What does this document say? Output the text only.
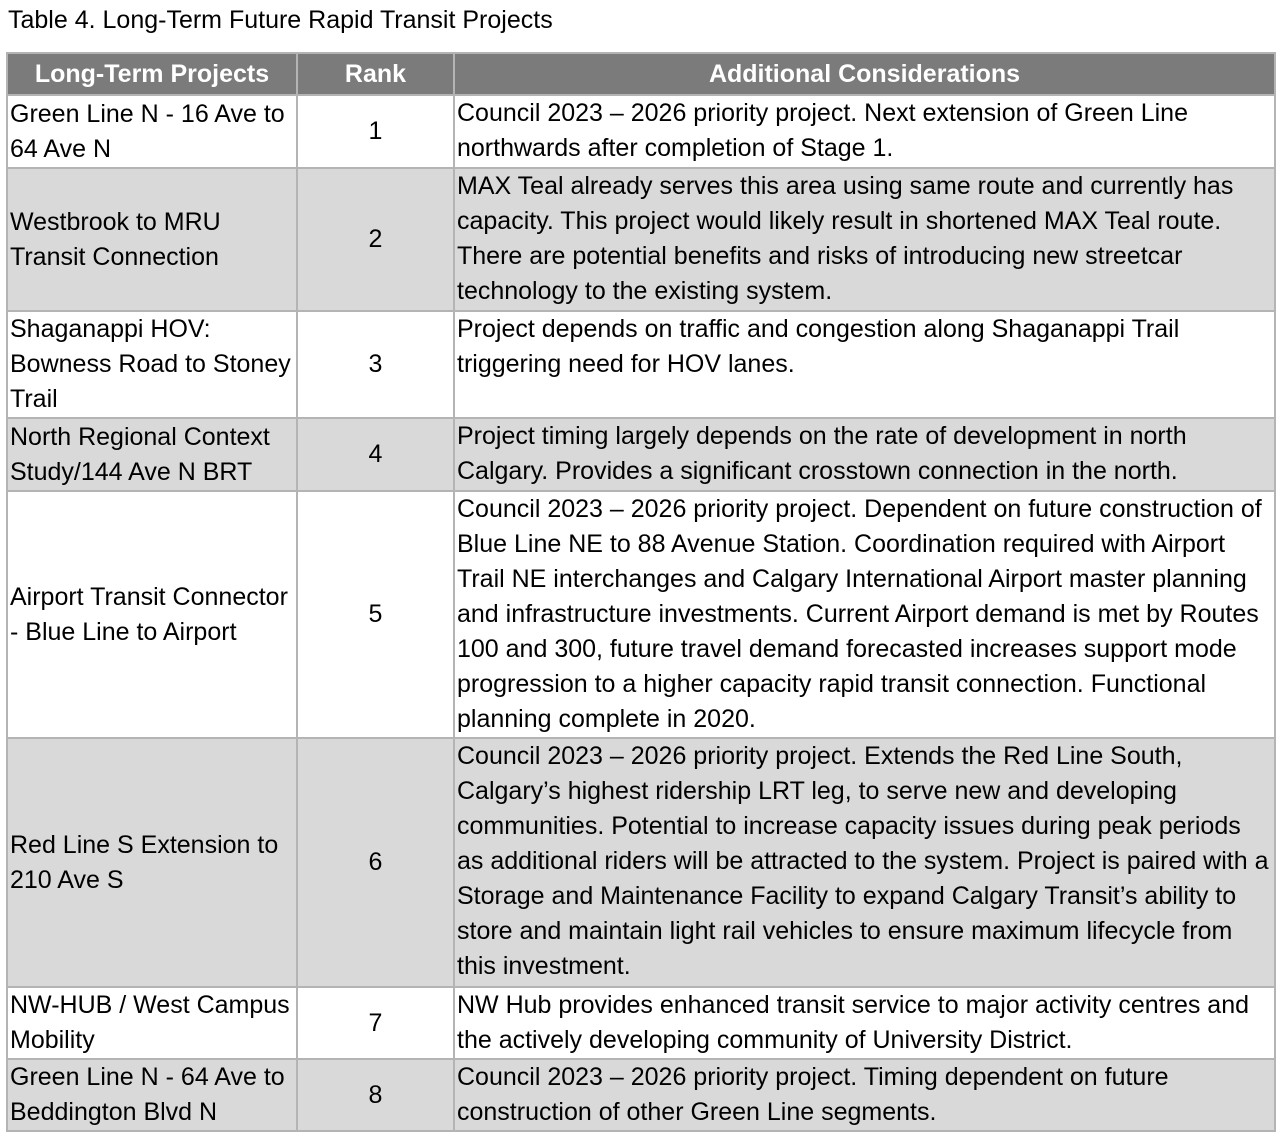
Table 4. Long-Term Future Rapid Transit Projects
Long-Term Projects	Rank	Additional Considerations
Green Line N - 16 Ave to 64 Ave N	1	Council 2023 – 2026 priority project. Next extension of Green Line northwards after completion of Stage 1.
Westbrook to MRU Transit Connection	2	MAX Teal already serves this area using same route and currently has capacity. This project would likely result in shortened MAX Teal route. There are potential benefits and risks of introducing new streetcar technology to the existing system.
Shaganappi HOV: Bowness Road to Stoney Trail	3	Project depends on traffic and congestion along Shaganappi Trail triggering need for HOV lanes.
North Regional Context Study/144 Ave N BRT	4	Project timing largely depends on the rate of development in north Calgary. Provides a significant crosstown connection in the north.
Airport Transit Connector - Blue Line to Airport	5	Council 2023 – 2026 priority project. Dependent on future construction of Blue Line NE to 88 Avenue Station. Coordination required with Airport Trail NE interchanges and Calgary International Airport master planning and infrastructure investments. Current Airport demand is met by Routes 100 and 300, future travel demand forecasted increases support mode progression to a higher capacity rapid transit connection. Functional planning complete in 2020.
Red Line S Extension to 210 Ave S	6	Council 2023 – 2026 priority project. Extends the Red Line South, Calgary’s highest ridership LRT leg, to serve new and developing communities. Potential to increase capacity issues during peak periods as additional riders will be attracted to the system. Project is paired with a Storage and Maintenance Facility to expand Calgary Transit’s ability to store and maintain light rail vehicles to ensure maximum lifecycle from this investment.
NW-HUB / West Campus Mobility	7	NW Hub provides enhanced transit service to major activity centres and the actively developing community of University District.
Green Line N - 64 Ave to Beddington Blvd N	8	Council 2023 – 2026 priority project. Timing dependent on future construction of other Green Line segments.
